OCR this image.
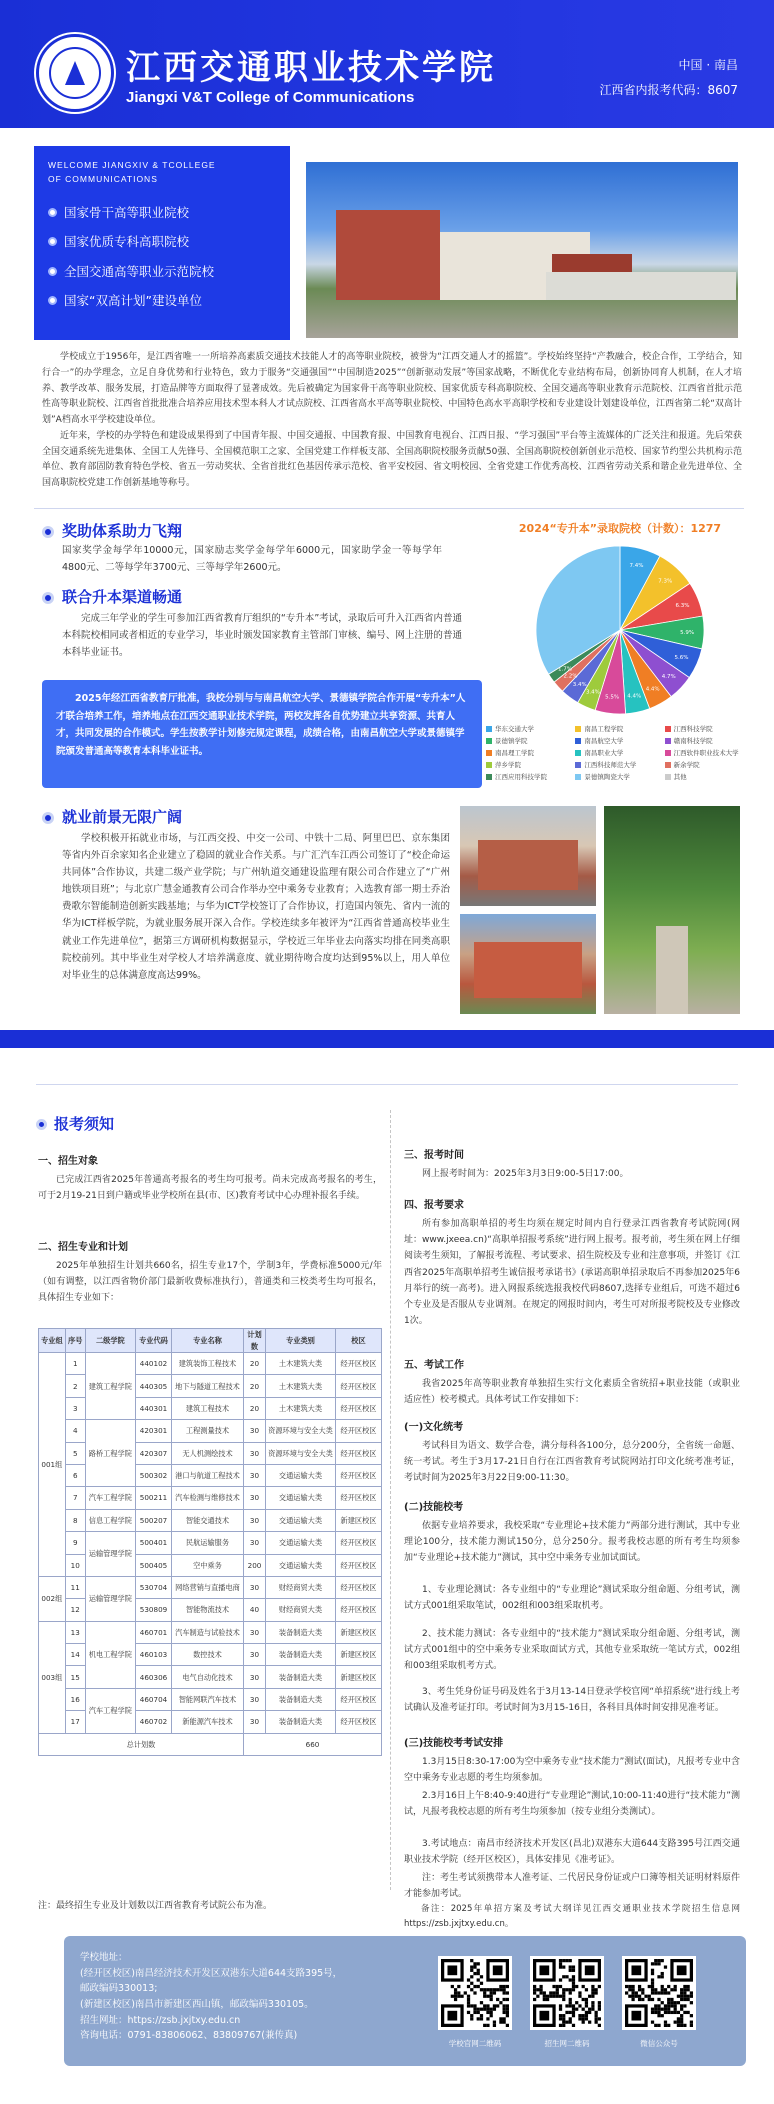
江西交通职业技术学院
Jiangxi V&T College of Communications
中国 · 南昌
江西省内报考代码：8607
WELCOME JIANGXIV & TCOLLEGE
OF COMMUNICATIONS
国家骨干高等职业院校
国家优质专科高职院校
全国交通高等职业示范院校
国家“双高计划”建设单位

学校成立于1956年，是江西省唯一一所培养高素质交通技术技能人才的高等职业院校，被誉为“江西交通人才的摇篮”。学校始终坚持“产教融合，校企合作，工学结合，知行合一”的办学理念，立足自身优势和行业特色，致力于服务“交通强国”“中国制造2025”“创新驱动发展”等国家战略，不断优化专业结构布局，创新协同育人机制，在人才培养、教学改革、服务发展，打造品牌等方面取得了显著成效。先后被确定为国家骨干高等职业院校、国家优质专科高职院校、全国交通高等职业教育示范院校、江西省首批示范性高等职业院校、江西省首批批准合培养应用技术型本科人才试点院校、江西省高水平高等职业院校、中国特色高水平高职学校和专业建设计划建设单位，江西省第二轮“双高计划”A档高水平学校建设单位。

近年来，学校的办学特色和建设成果得到了中国青年报、中国交通报、中国教育报、中国教育电视台、江西日报、“学习强国”平台等主流媒体的广泛关注和报道。先后荣获全国交通系统先进集体、全国工人先锋号、全国模范职工之家、全国党建工作样板支部、全国高职院校服务贡献50强、全国高职院校创新创业示范校、国家节约型公共机构示范单位、教育部固防教育特色学校、省五一劳动奖状、全省首批红色基因传承示范校、省平安校园、省文明校园、全省党建工作优秀高校、江西省劳动关系和谐企业先进单位、全国高职院校党建工作创新基地等称号。

奖助体系助力飞翔
国家奖学金每学年10000元，国家励志奖学金每学年6000元，国家助学金一等每学年4800元、二等每学年3700元、三等每学年2600元。
联合升本渠道畅通
完成三年学业的学生可参加江西省教育厅组织的“专升本”考试，录取后可升入江西省内普通本科院校相同或者相近的专业学习，毕业时颁发国家教育主管部门审核、编号、网上注册的普通本科毕业证书。
2025年经江西省教育厅批准，我校分别与与南昌航空大学、景德镇学院合作开展“专升本”人才联合培养工作，培养地点在江西交通职业技术学院，两校发挥各自优势建立共享资源、共育人才，共同发展的合作模式。学生按教学计划修完规定课程，成绩合格，由南昌航空大学或景德镇学院颁发普通高等教育本科毕业证书。
2024“专升本”录取院校（计数）：1277
7.4%
7.3%
6.3%
5.9%
5.6%
4.7%
4.4%
4.4%
5.5%
3.4%
3.4%
2.2%
1.7%
华东交通大学	南昌工程学院	江西科技学院
景德镇学院	南昌航空大学	赣南科技学院
南昌理工学院	南昌职业大学	江西软件职业技术大学
萍乡学院	江西科技师范大学	新余学院
江西应用科技学院	景德镇陶瓷大学	其他
就业前景无限广阔
学校积极开拓就业市场，与江西交投、中交一公司、中铁十二局、阿里巴巴、京东集团等省内外百余家知名企业建立了稳固的就业合作关系。与广汇汽车江西公司签订了“校企命运共同体”合作协议，共建二级产业学院；与广州轨道交通建设监理有限公司合作建立了“广州地铁项目班”；与北京广慧金通教育公司合作举办空中乘务专业教育；入选教育部一期士乔治费歌尔智能制造创新实践基地；与华为ICT学校签订了合作协议，打造国内领先、省内一流的华为ICT样板学院，为就业服务展开深入合作。学校连续多年被评为“江西省普通高校毕业生就业工作先进单位”，据第三方调研机构数据显示，学校近三年毕业去向落实均排在同类高职院校前列。其中毕业生对学校人才培养满意度、就业期待吻合度均达到95%以上，用人单位对毕业生的总体满意度高达99%。
报考须知
一、招生对象
已完成江西省2025年普通高考报名的考生均可报考。尚未完成高考报名的考生，可于2月19-21日到户籍或毕业学校所在县(市、区)教育考试中心办理补报名手续。
二、招生专业和计划
2025年单独招生计划共660名，招生专业17个，学制3年，学费标准5000元/年（如有调整，以江西省物价部门最新收费标准执行），普通类和三校类考生均可报名，具体招生专业如下：
专业组	序号	二级学院	专业代码	专业名称	计划数	专业类别	校区
001组	1	建筑工程学院	440102	建筑装饰工程技术	20	土木建筑大类	经开区校区
	2		440305	地下与隧道工程技术	20	土木建筑大类	经开区校区
	3		440301	建筑工程技术	20	土木建筑大类	经开区校区
	4	路桥工程学院	420301	工程测量技术	30	资源环境与安全大类	经开区校区
	5		420307	无人机测绘技术	30	资源环境与安全大类	经开区校区
	6		500302	港口与航道工程技术	30	交通运输大类	经开区校区
	7	汽车工程学院	500211	汽车检测与维修技术	30	交通运输大类	经开区校区
	8	信息工程学院	500207	智能交通技术	30	交通运输大类	新建区校区
	9	运输管理学院	500401	民航运输服务	30	交通运输大类	经开区校区
	10		500405	空中乘务	200	交通运输大类	经开区校区
002组	11	运输管理学院	530704	网络营销与直播电商	30	财经商贸大类	经开区校区
	12		530809	智能物流技术	40	财经商贸大类	经开区校区
003组	13	机电工程学院	460701	汽车制造与试验技术	30	装备制造大类	新建区校区
	14		460103	数控技术	30	装备制造大类	新建区校区
	15		460306	电气自动化技术	30	装备制造大类	新建区校区
	16	汽车工程学院	460704	智能网联汽车技术	30	装备制造大类	经开区校区
	17		460702	新能源汽车技术	30	装备制造大类	经开区校区
总计划数					660		
注：最终招生专业及计划数以江西省教育考试院公布为准。
三、报考时间
网上报考时间为：2025年3月3日9:00-5日17:00。
四、报考要求
所有参加高职单招的考生均须在规定时间内自行登录江西省教育考试院网(网址：www.jxeea.cn)“高职单招报考系统”进行网上报考。报考前，考生须在网上仔细阅读考生须知，了解报考流程、考试要求、招生院校及专业和注意事项，并签订《江西省2025年高职单招考生诚信报考承诺书》(承诺高职单招录取后不再参加2025年6月举行的统一高考)。进入网报系统选报我校代码8607,选择专业组后，可选不超过6个专业及是否服从专业调剂。在规定的网报时间内，考生可对所报考院校及专业修改1次。
五、考试工作
我省2025年高等职业教育单独招生实行文化素质全省统招+职业技能（或职业适应性）校考模式。具体考试工作安排如下：
(一)文化统考
考试科目为语文、数学合卷，满分每科各100分，总分200分，全省统一命题、统一考试。考生于3月17-21日自行在江西省教育考试院网站打印文化统考准考证，考试时间为2025年3月22日9:00-11:30。
(二)技能校考
依据专业培养要求，我校采取“专业理论+技术能力”两部分进行测试，其中专业理论100分，技术能力测试150分，总分250分。报考我校志愿的所有考生均须参加“专业理论+技术能力”测试，其中空中乘务专业加试面试。
1、专业理论测试：各专业组中的“专业理论”测试采取分组命题、分组考试，测试方式001组采取笔试，002组和003组采取机考。
2、技术能力测试：各专业组中的“技术能力”测试采取分组命题、分组考试，测试方式001组中的空中乘务专业采取面试方式，其他专业采取统一笔试方式，002组和003组采取机考方式。
3、考生凭身份证号码及姓名于3月13-14日登录学校官网“单招系统”进行线上考试确认及准考证打印。考试时间为3月15-16日，各科目具体时间安排见准考证。
(三)技能校考考试安排
1.3月15日8:30-17:00为空中乘务专业“技术能力”测试(面试)，凡报考专业中含空中乘务专业志愿的考生均须参加。
2.3月16日上午8:40-9:40进行“专业理论”测试,10:00-11:40进行“技术能力”测试，凡报考我校志愿的所有考生均须参加（按专业组分类测试）。
3.考试地点：南昌市经济技术开发区(昌北)双港东大道644支路395号江西交通职业技术学院（经开区校区），具体安排见《准考证》。
注：考生考试须携带本人准考证、二代居民身份证或户口簿等相关证明材料原件才能参加考试。
备注：2025年单招方案及考试大纲详见江西交通职业技术学院招生信息网https://zsb.jxjtxy.edu.cn。
学校地址：
(经开区校区)南昌经济技术开发区双港东大道644支路395号，
邮政编码330013;
(新建区校区)南昌市新建区西山镇，邮政编码330105。
招生网址：https://zsb.jxjtxy.edu.cn
咨询电话：0791-83806062、83809767(兼传真)
学校官网二维码	招生网二维码	微信公众号
